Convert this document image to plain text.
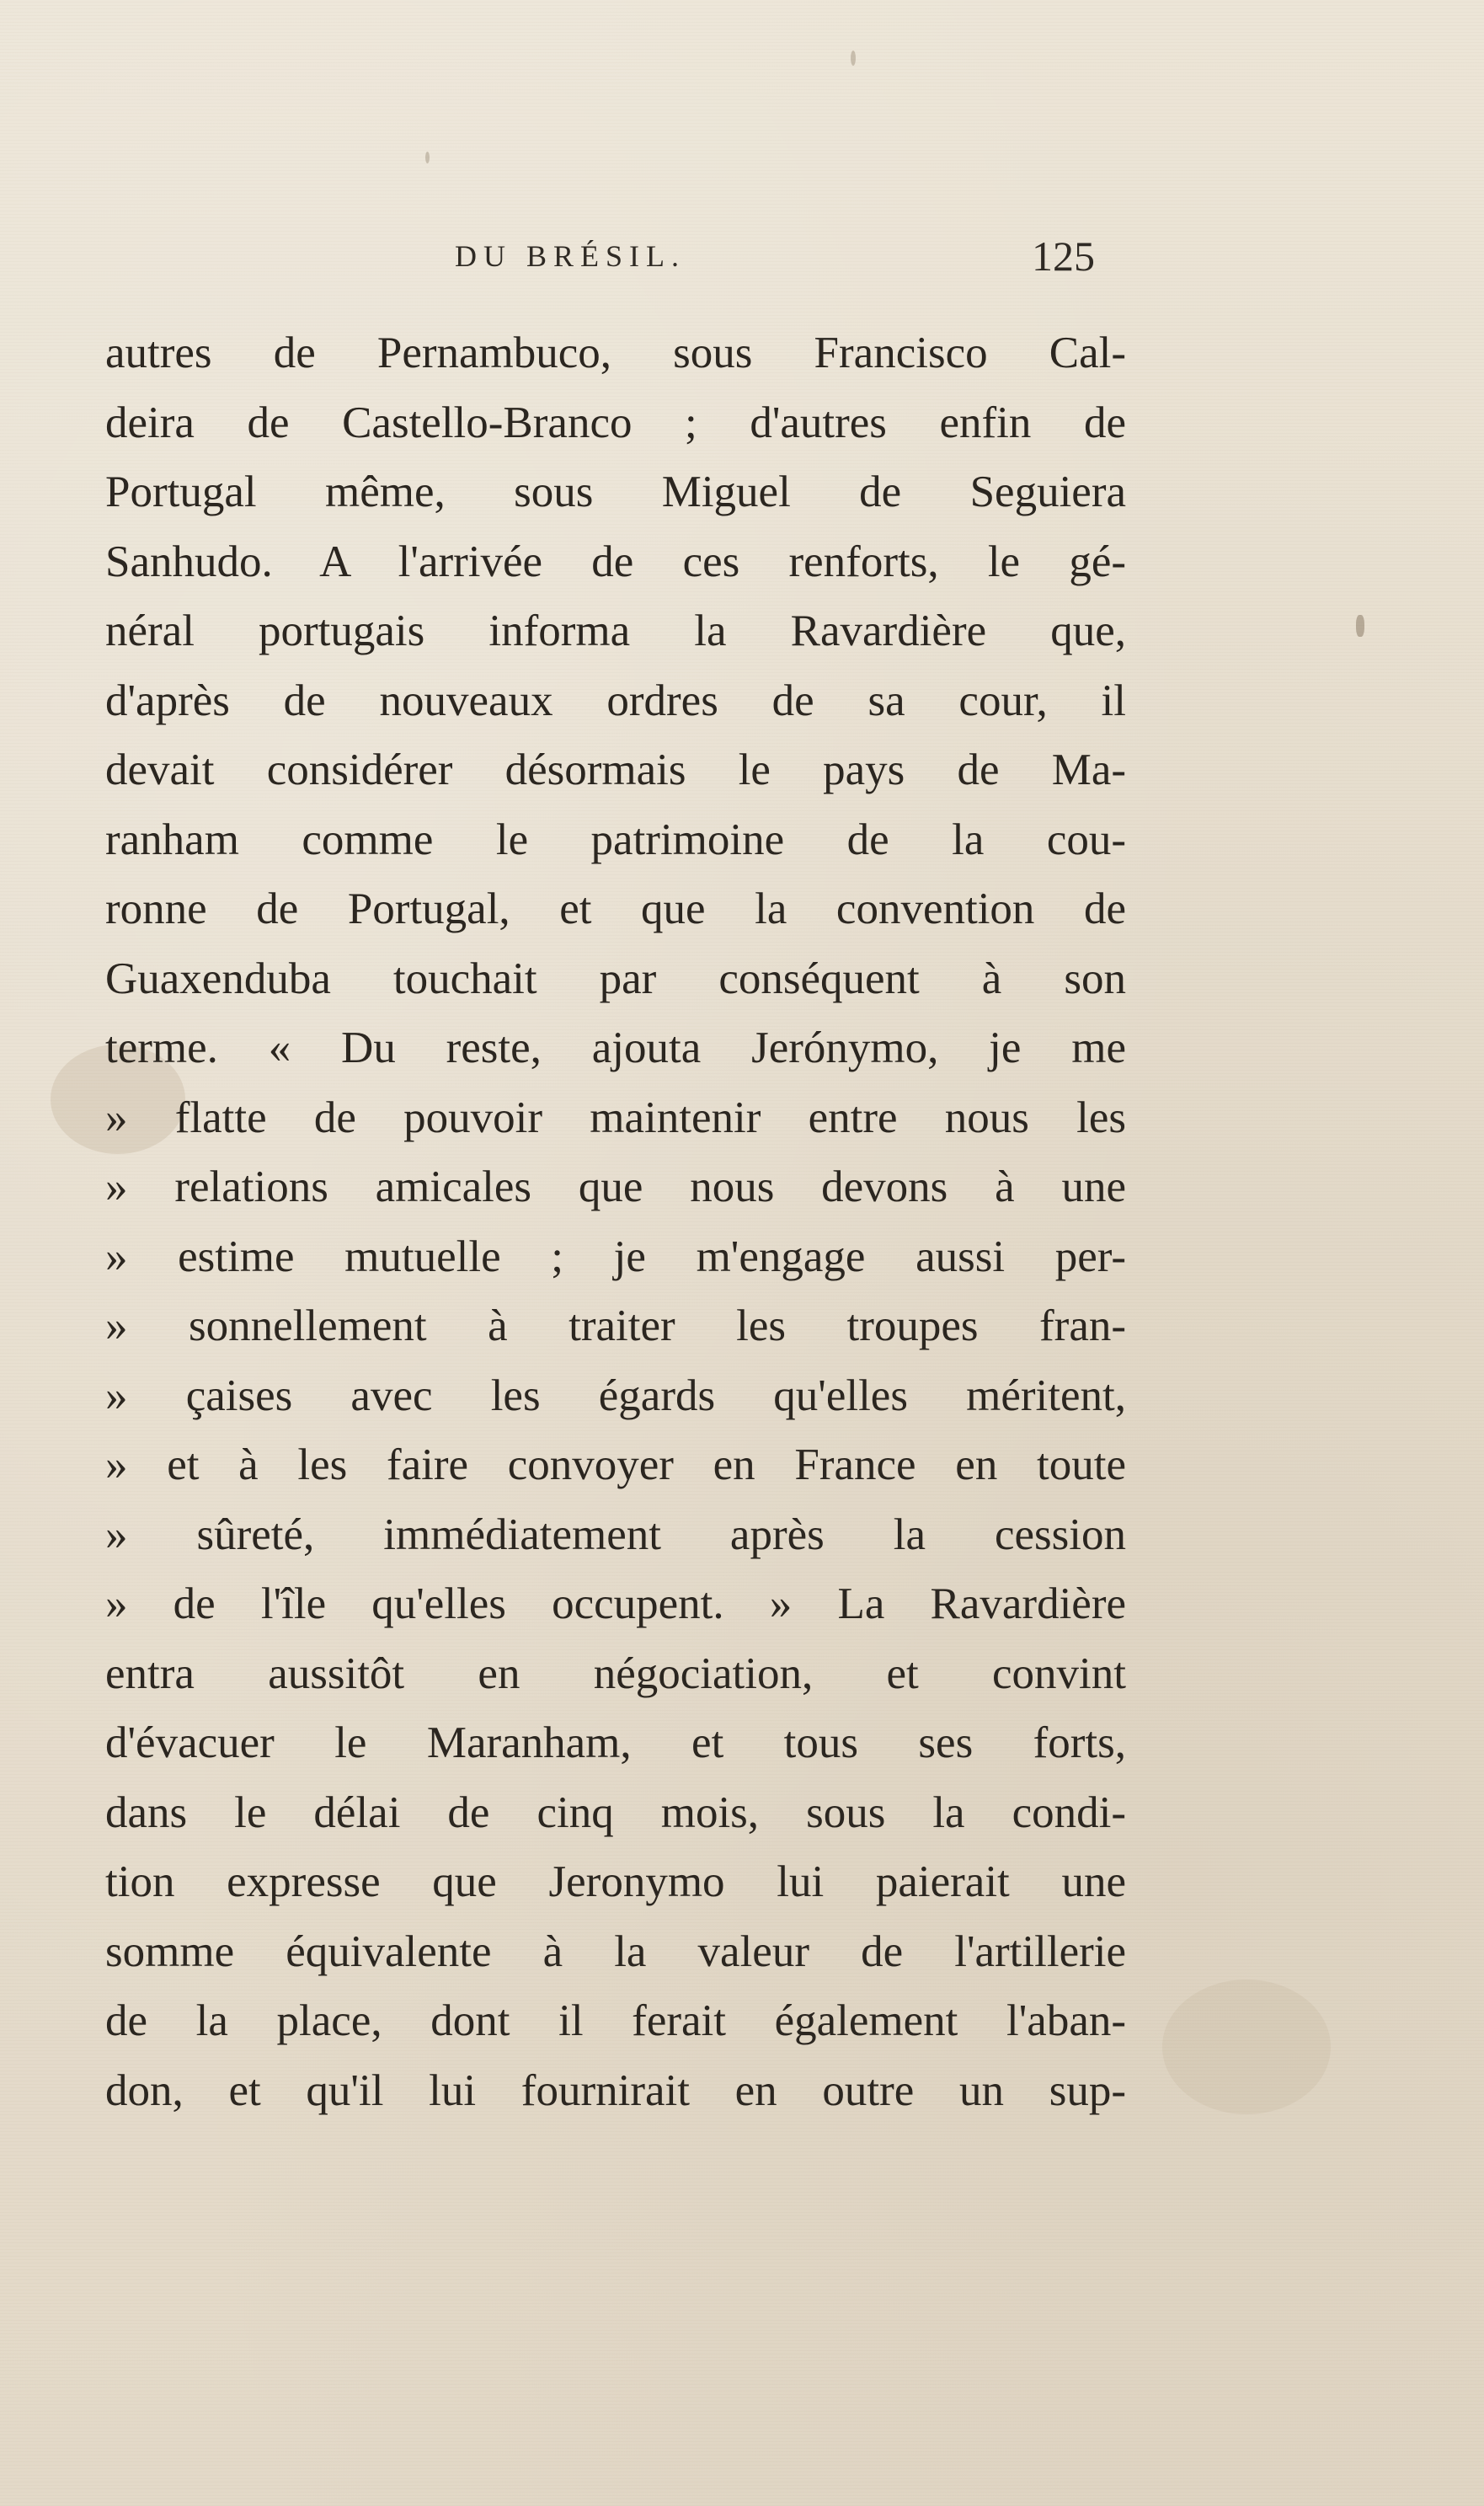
DU BRÉSIL.	125
autres de Pernambuco, sous Francisco Cal-
deira de Castello-Branco ; d'autres enfin de
Portugal même, sous Miguel de Seguiera
Sanhudo. A l'arrivée de ces renforts, le gé-
néral portugais informa la Ravardière que,
d'après de nouveaux ordres de sa cour, il
devait considérer désormais le pays de Ma-
ranham comme le patrimoine de la cou-
ronne de Portugal, et que la convention de
Guaxenduba touchait par conséquent à son
terme. « Du reste, ajouta Jerónymo, je me
» flatte de pouvoir maintenir entre nous les
» relations amicales que nous devons à une
» estime mutuelle ; je m'engage aussi per-
» sonnellement à traiter les troupes fran-
» çaises avec les égards qu'elles méritent,
» et à les faire convoyer en France en toute
» sûreté, immédiatement après la cession
» de l'île qu'elles occupent. » La Ravardière
entra aussitôt en négociation, et convint
d'évacuer le Maranham, et tous ses forts,
dans le délai de cinq mois, sous la condi-
tion expresse que Jeronymo lui paierait une
somme équivalente à la valeur de l'artillerie
de la place, dont il ferait également l'aban-
don, et qu'il lui fournirait en outre un sup-
